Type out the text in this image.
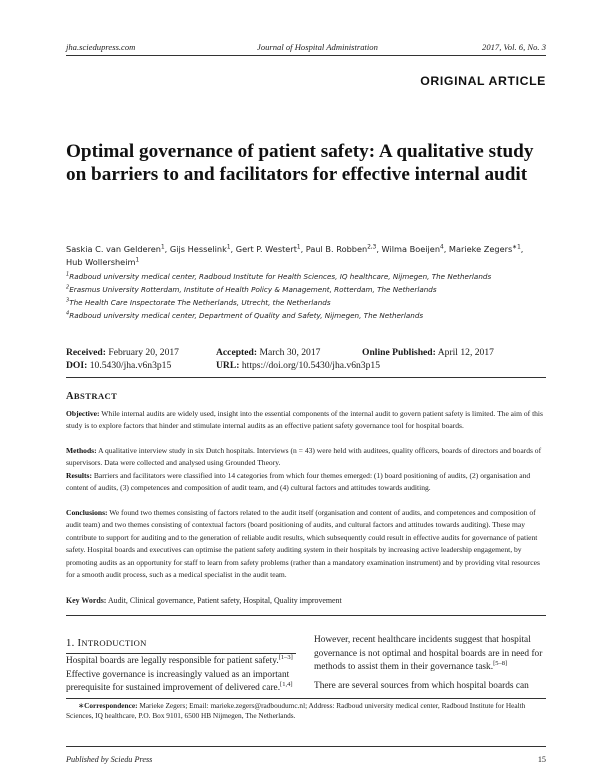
jha.sciedupress.com	Journal of Hospital Administration	2017, Vol. 6, No. 3
ORIGINAL ARTICLE
Optimal governance of patient safety: A qualitative study on barriers to and facilitators for effective internal audit
Saskia C. van Gelderen$^1$, Gijs Hesselink$^1$, Gert P. Westert$^1$, Paul B. Robben$^{2,3}$, Wilma Boeijen$^4$, Marieke Zegers$^{∗1}$,
Hub Wollersheim$^1$
$^1$Radboud university medical center, Radboud Institute for Health Sciences, IQ healthcare, Nijmegen, The Netherlands
$^2$Erasmus University Rotterdam, Institute of Health Policy & Management, Rotterdam, The Netherlands
$^3$The Health Care Inspectorate The Netherlands, Utrecht, the Netherlands
$^4$Radboud university medical center, Department of Quality and Safety, Nijmegen, The Netherlands
Received: February 20, 2017	Accepted: March 30, 2017	Online Published: April 12, 2017
DOI: 10.5430/jha.v6n3p15	URL: https://doi.org/10.5430/jha.v6n3p15
ABSTRACT
Objective: While internal audits are widely used, insight into the essential components of the internal audit to govern patient safety is limited. The aim of this study is to explore factors that hinder and stimulate internal audits as an effective patient safety governance tool for hospital boards.
Methods: A qualitative interview study in six Dutch hospitals. Interviews (n = 43) were held with auditees, quality officers, boards of directors and boards of supervisors. Data were collected and analysed using Grounded Theory.
Results: Barriers and facilitators were classified into 14 categories from which four themes emerged: (1) board positioning of audits, (2) organisation and content of audits, (3) competences and composition of audit team, and (4) cultural factors and attitudes towards auditing.
Conclusions: We found two themes consisting of factors related to the audit itself (organisation and content of audits, and competences and composition of audit team) and two themes consisting of contextual factors (board positioning of audits, and cultural factors and attitudes towards auditing). These may contribute to support for auditing and to the generation of reliable audit results, which subsequently could result in effective audits for governance of patient safety. Hospital boards and executives can optimise the patient safety auditing system in their hospitals by increasing active leadership engagement, by promoting audits as an opportunity for staff to learn from safety problems (rather than a mandatory examination instrument) and by providing vital resources for a smooth audit process, such as a medical specialist in the audit team.
Key Words: Audit, Clinical governance, Patient safety, Hospital, Quality improvement
1. INTRODUCTION
Hospital boards are legally responsible for patient safety.[1–3] Effective governance is increasingly valued as an important prerequisite for sustained improvement of delivered care.[1,4]
However, recent healthcare incidents suggest that hospital governance is not optimal and hospital boards are in need for methods to assist them in their governance task.[5–8]
There are several sources from which hospital boards can
∗Correspondence: Marieke Zegers; Email: marieke.zegers@radboudumc.nl; Address: Radboud university medical center, Radboud Institute for Health Sciences, IQ healthcare, P.O. Box 9101, 6500 HB Nijmegen, The Netherlands.
Published by Sciedu Press	15
